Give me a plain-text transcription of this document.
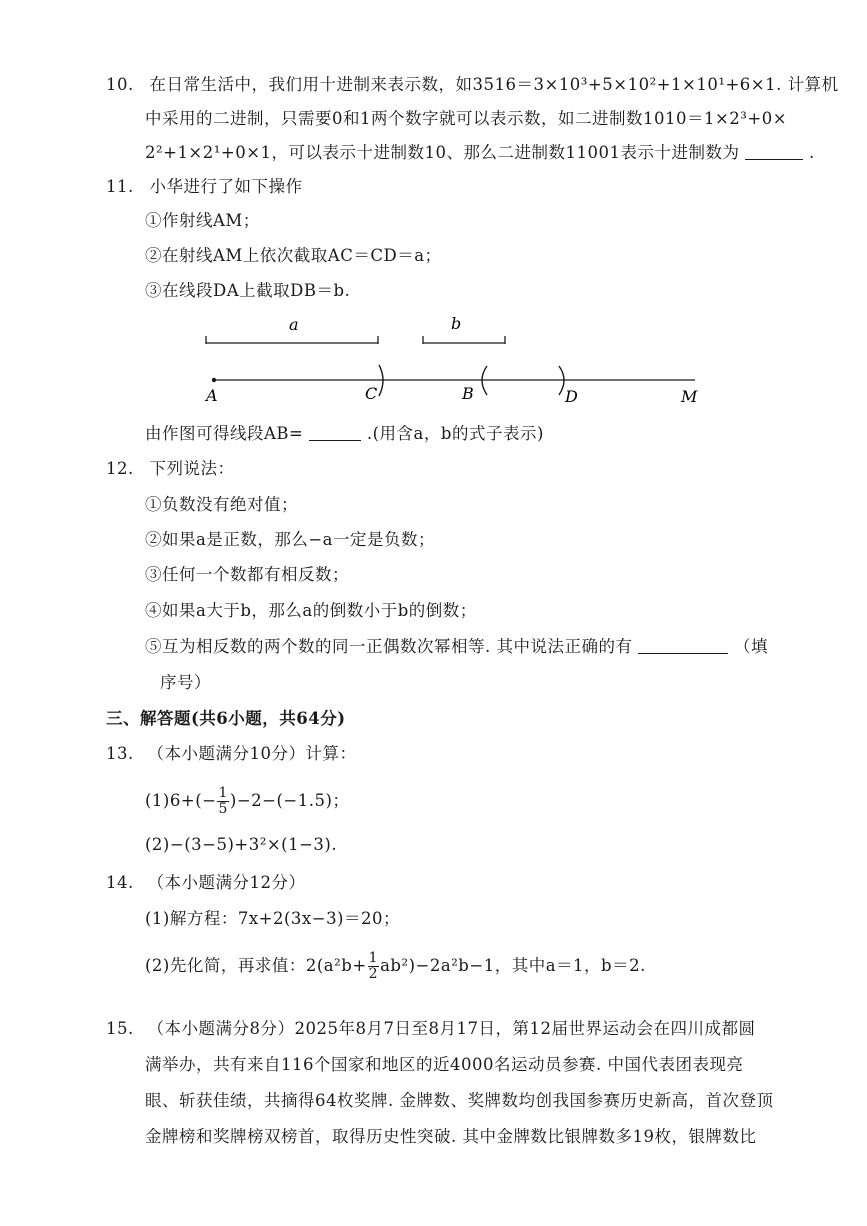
10. 在日常生活中，我们用十进制来表示数，如3516＝3×10³+5×10²+1×10¹+6×1. 计算机
中采用的二进制，只需要0和1两个数字就可以表示数，如二进制数1010＝1×2³+0×
2²+1×2¹+0×1，可以表示十进制数10、那么二进制数11001表示十进制数为	.
11. 小华进行了如下操作
①作射线AM；
②在射线AM上依次截取AC＝CD＝a；
③在线段DA上截取DB＝b.
a	b
A	C	B	D	M
由作图可得线段AB=	.(用含a，b的式子表示)
12. 下列说法：
①负数没有绝对值；
②如果a是正数，那么−a一定是负数；
③任何一个数都有相反数；
④如果a大于b，那么a的倒数小于b的倒数；
⑤互为相反数的两个数的同一正偶数次幂相等. 其中说法正确的有	（填
序号）
三、解答题(共6小题，共64分)
13. （本小题满分10分）计算：
$(1)6+(- \frac{1}{5} )-2-(-1.5)$；
(2)−(3−5)+3²×(1−3).
14. （本小题满分12分）
(1)解方程：7x+2(3x−3)＝20；
(2)先化简，再求值：$2(a^2b+ \frac{1}{2} ab^2)-2a^2b-1$，其中a＝1，b＝2.
15. （本小题满分8分）2025年8月7日至8月17日，第12届世界运动会在四川成都圆
满举办，共有来自116个国家和地区的近4000名运动员参赛. 中国代表团表现亮
眼、斩获佳绩，共摘得64枚奖牌. 金牌数、奖牌数均创我国参赛历史新高，首次登顶
金牌榜和奖牌榜双榜首，取得历史性突破. 其中金牌数比银牌数多19枚，银牌数比
